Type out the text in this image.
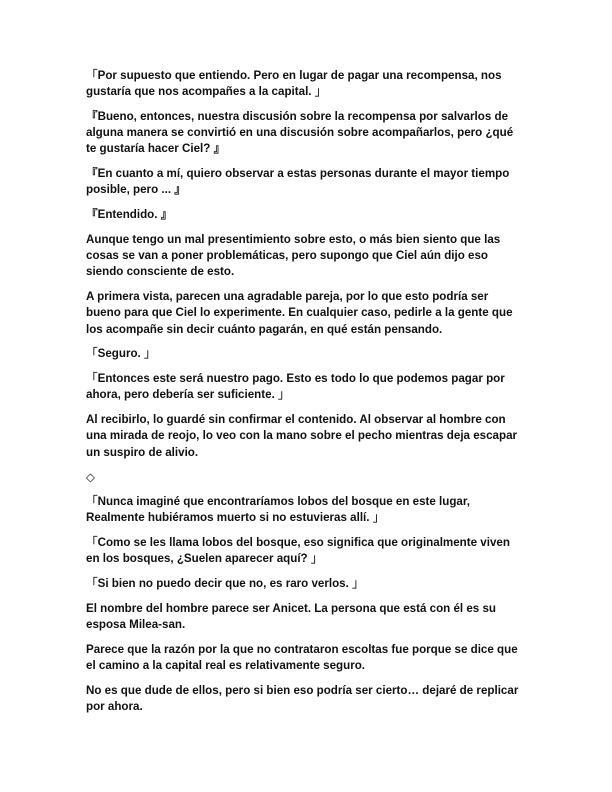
「Por supuesto que entiendo. Pero en lugar de pagar una recompensa, nos gustaría que nos acompañes a la capital. 」

『Bueno, entonces, nuestra discusión sobre la recompensa por salvarlos de alguna manera se convirtió en una discusión sobre acompañarlos, pero ¿qué te gustaría hacer Ciel? 』

『En cuanto a mí, quiero observar a estas personas durante el mayor tiempo posible, pero ... 』

『Entendido. 』

Aunque tengo un mal presentimiento sobre esto, o más bien siento que las cosas se van a poner problemáticas, pero supongo que Ciel aún dijo eso siendo consciente de esto.

A primera vista, parecen una agradable pareja, por lo que esto podría ser bueno para que Ciel lo experimente. En cualquier caso, pedirle a la gente que los acompañe sin decir cuánto pagarán, en qué están pensando.

「Seguro. 」

「Entonces este será nuestro pago. Esto es todo lo que podemos pagar por ahora, pero debería ser suficiente. 」

Al recibirlo, lo guardé sin confirmar el contenido. Al observar al hombre con una mirada de reojo, lo veo con la mano sobre el pecho mientras deja escapar un suspiro de alivio.

◇

「Nunca imaginé que encontraríamos lobos del bosque en este lugar, Realmente hubiéramos muerto si no estuvieras allí. 」

「Como se les llama lobos del bosque, eso significa que originalmente viven en los bosques, ¿Suelen aparecer aquí? 」

「Si bien no puedo decir que no, es raro verlos. 」

El nombre del hombre parece ser Anicet. La persona que está con él es su esposa Milea-san.

Parece que la razón por la que no contrataron escoltas fue porque se dice que el camino a la capital real es relativamente seguro.

No es que dude de ellos, pero si bien eso podría ser cierto… dejaré de replicar por ahora.
